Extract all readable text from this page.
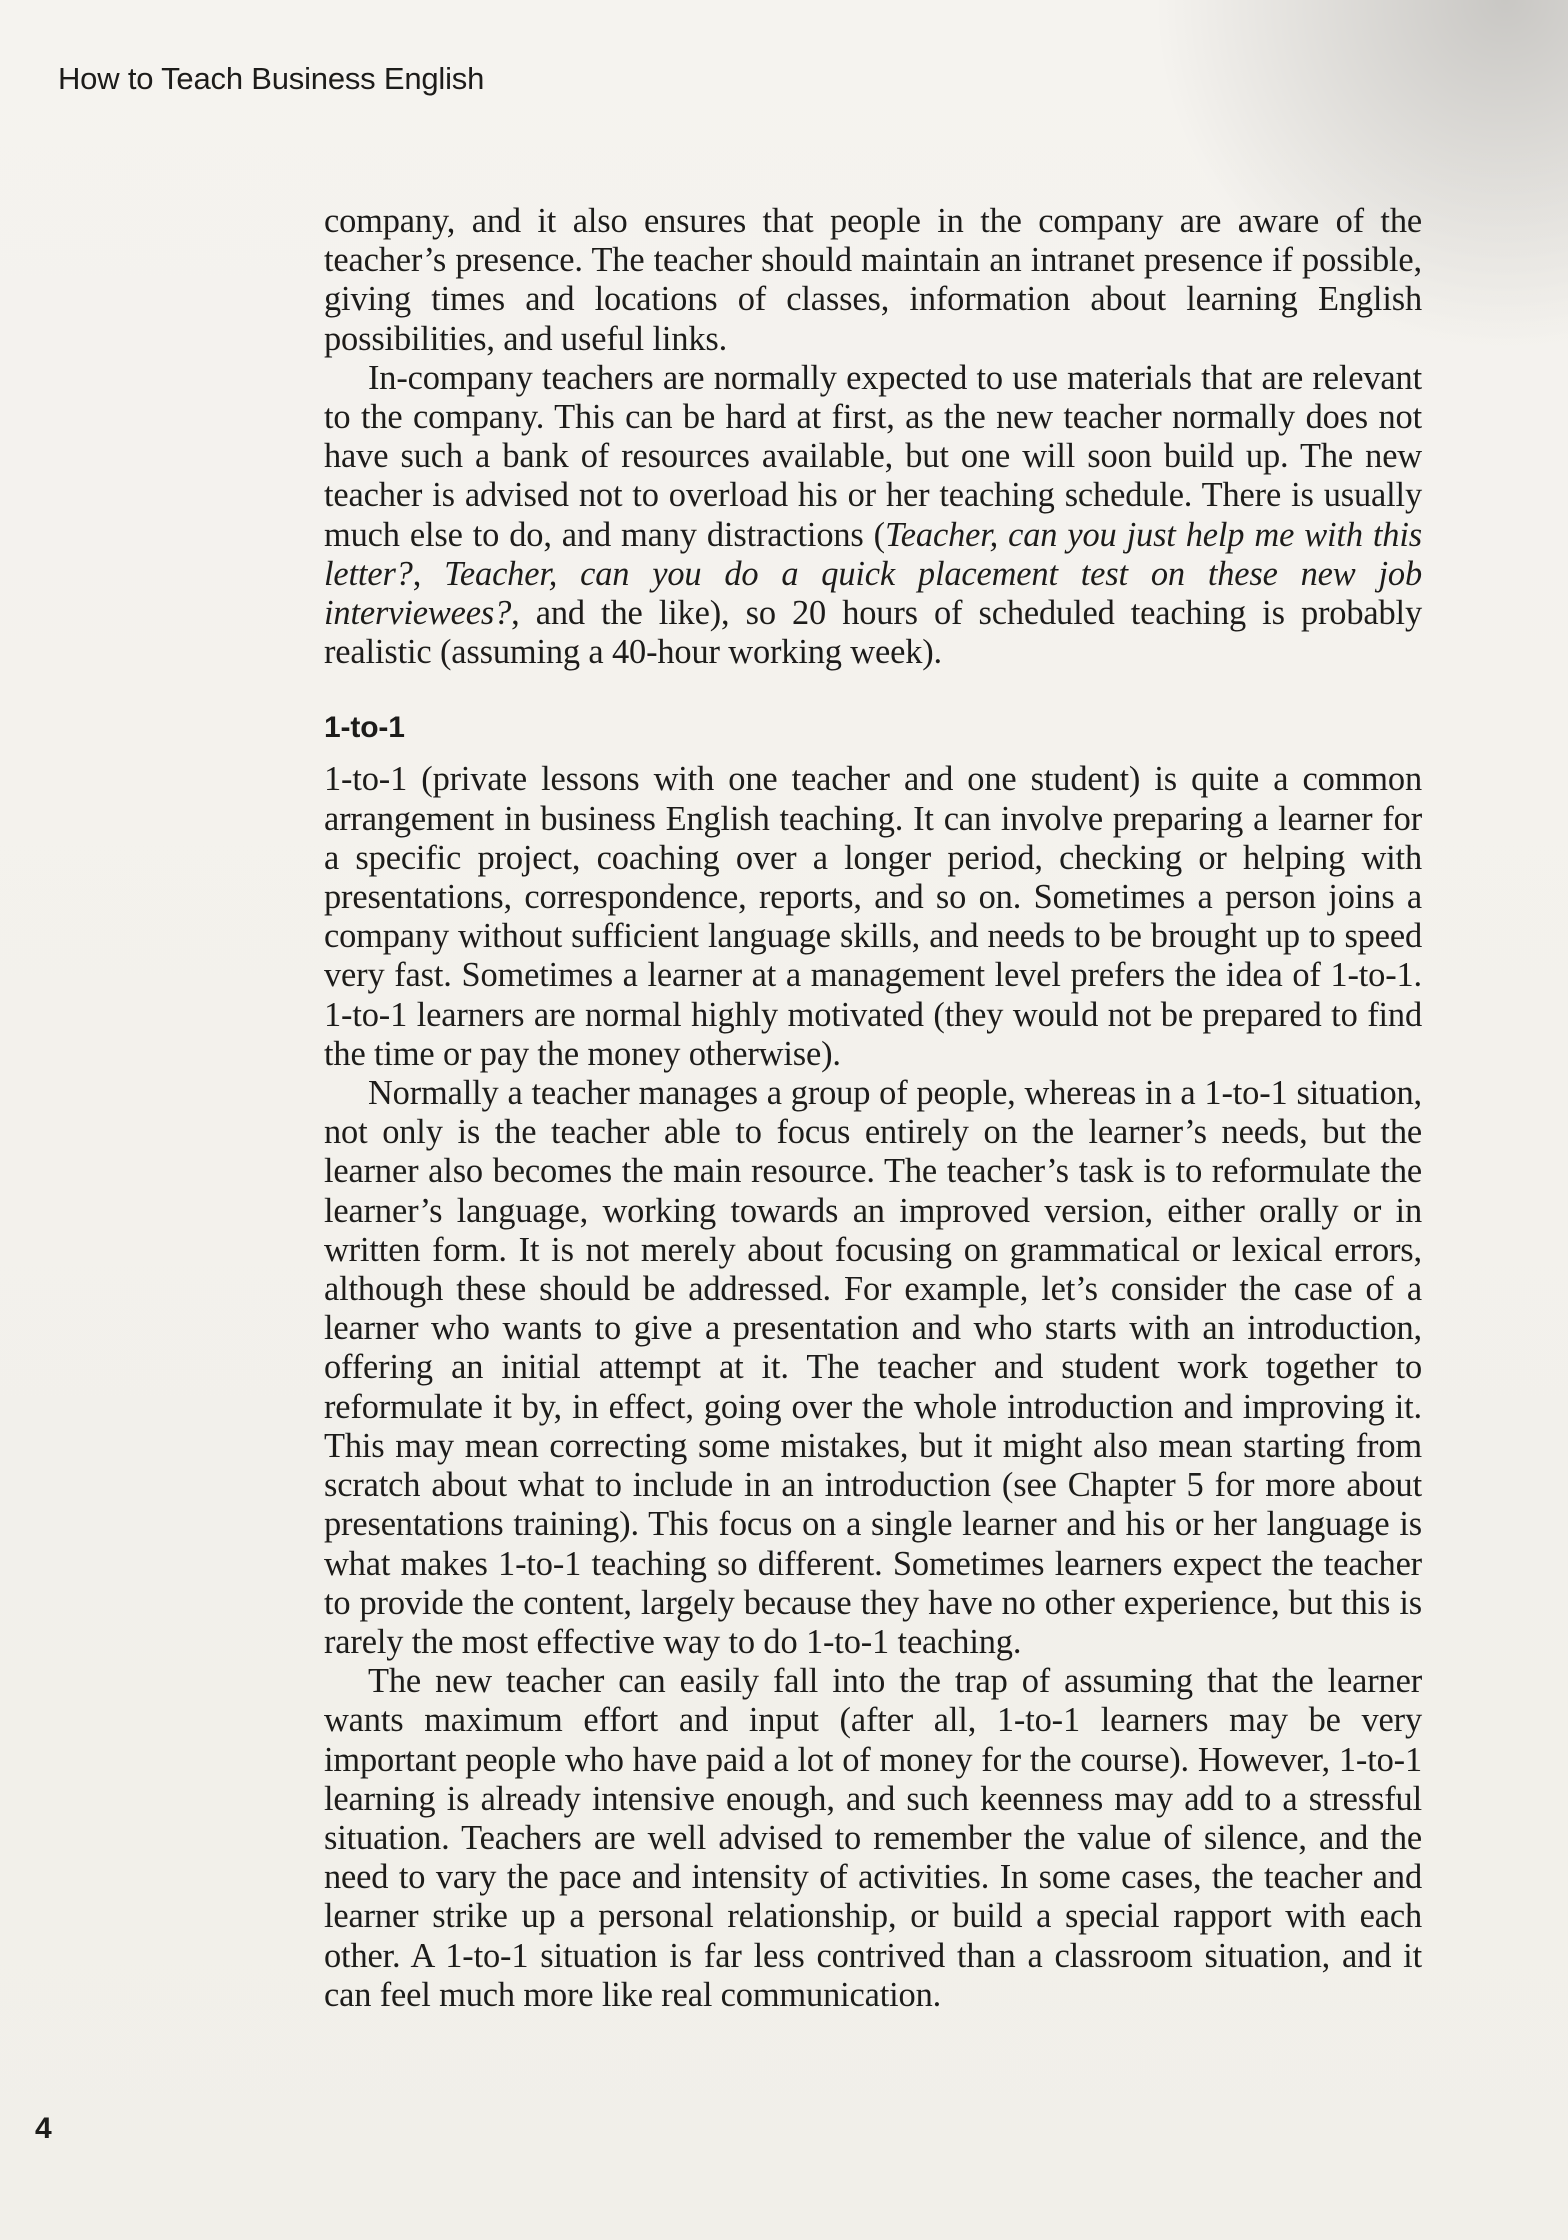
How to Teach Business English

company, and it also ensures that people in the company are aware of the teacher’s presence. The teacher should maintain an intranet presence if possible, giving times and locations of classes, information about learning English possibilities, and useful links.

In-company teachers are normally expected to use materials that are relevant to the company. This can be hard at first, as the new teacher normally does not have such a bank of resources available, but one will soon build up. The new teacher is advised not to overload his or her teaching schedule. There is usually much else to do, and many distractions (Teacher, can you just help me with this letter?, Teacher, can you do a quick placement test on these new job interviewees?, and the like), so 20 hours of scheduled teaching is probably realistic (assuming a 40-hour working week).

1-to-1

1-to-1 (private lessons with one teacher and one student) is quite a common arrangement in business English teaching. It can involve preparing a learner for a specific project, coaching over a longer period, checking or helping with presentations, correspondence, reports, and so on. Sometimes a person joins a company without sufficient language skills, and needs to be brought up to speed very fast. Sometimes a learner at a management level prefers the idea of 1-to-1. 1-to-1 learners are normal highly motivated (they would not be prepared to find the time or pay the money otherwise).

Normally a teacher manages a group of people, whereas in a 1-to-1 situation, not only is the teacher able to focus entirely on the learner’s needs, but the learner also becomes the main resource. The teacher’s task is to reformulate the learner’s language, working towards an improved version, either orally or in written form. It is not merely about focusing on grammatical or lexical errors, although these should be addressed. For example, let’s consider the case of a learner who wants to give a presentation and who starts with an introduction, offering an initial attempt at it. The teacher and student work together to reformulate it by, in effect, going over the whole introduction and improving it. This may mean correcting some mistakes, but it might also mean starting from scratch about what to include in an introduction (see Chapter 5 for more about presentations training). This focus on a single learner and his or her language is what makes 1-to-1 teaching so different. Sometimes learners expect the teacher to provide the content, largely because they have no other experience, but this is rarely the most effective way to do 1-to-1 teaching.

The new teacher can easily fall into the trap of assuming that the learner wants maximum effort and input (after all, 1-to-1 learners may be very important people who have paid a lot of money for the course). However, 1-to-1 learning is already intensive enough, and such keenness may add to a stressful situation. Teachers are well advised to remember the value of silence, and the need to vary the pace and intensity of activities. In some cases, the teacher and learner strike up a personal relationship, or build a special rapport with each other. A 1-to-1 situation is far less contrived than a classroom situation, and it can feel much more like real communication.

4
